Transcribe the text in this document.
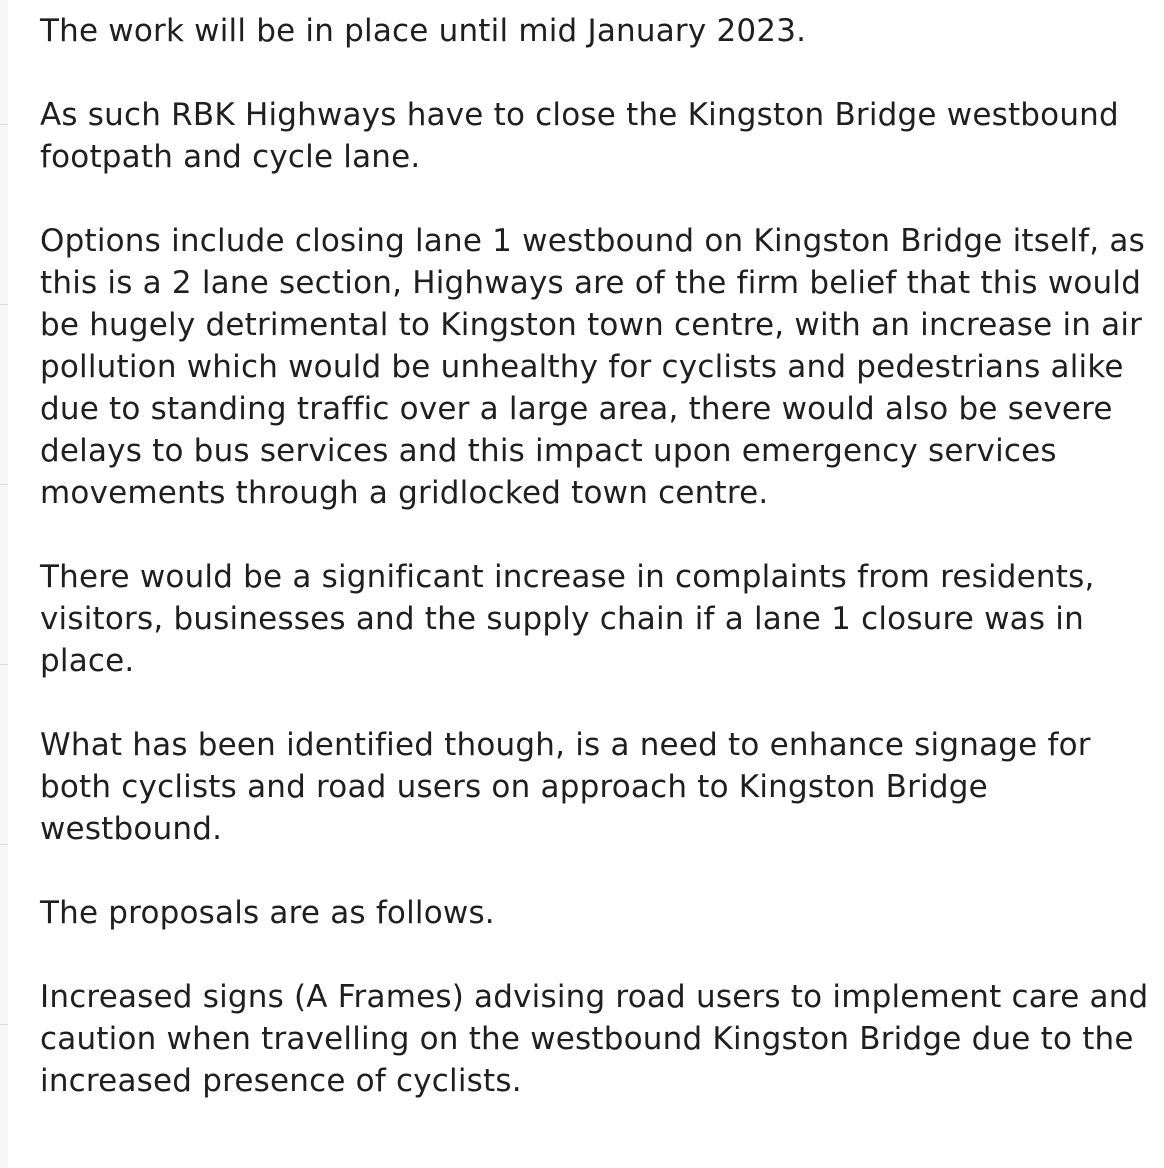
The work will be in place until mid January 2023.

As such RBK Highways have to close the Kingston Bridge westbound footpath and cycle lane.

Options include closing lane 1 westbound on Kingston Bridge itself, as this is a 2 lane section, Highways are of the firm belief that this would be hugely detrimental to Kingston town centre, with an increase in air pollution which would be unhealthy for cyclists and pedestrians alike due to standing traffic over a large area, there would also be severe delays to bus services and this impact upon emergency services movements through a gridlocked town centre.

There would be a significant increase in complaints from residents, visitors, businesses and the supply chain if a lane 1 closure was in place.

What has been identified though, is a need to enhance signage for both cyclists and road users on approach to Kingston Bridge westbound.

The proposals are as follows.

Increased signs (A Frames) advising road users to implement care and caution when travelling on the westbound Kingston Bridge due to the increased presence of cyclists.
